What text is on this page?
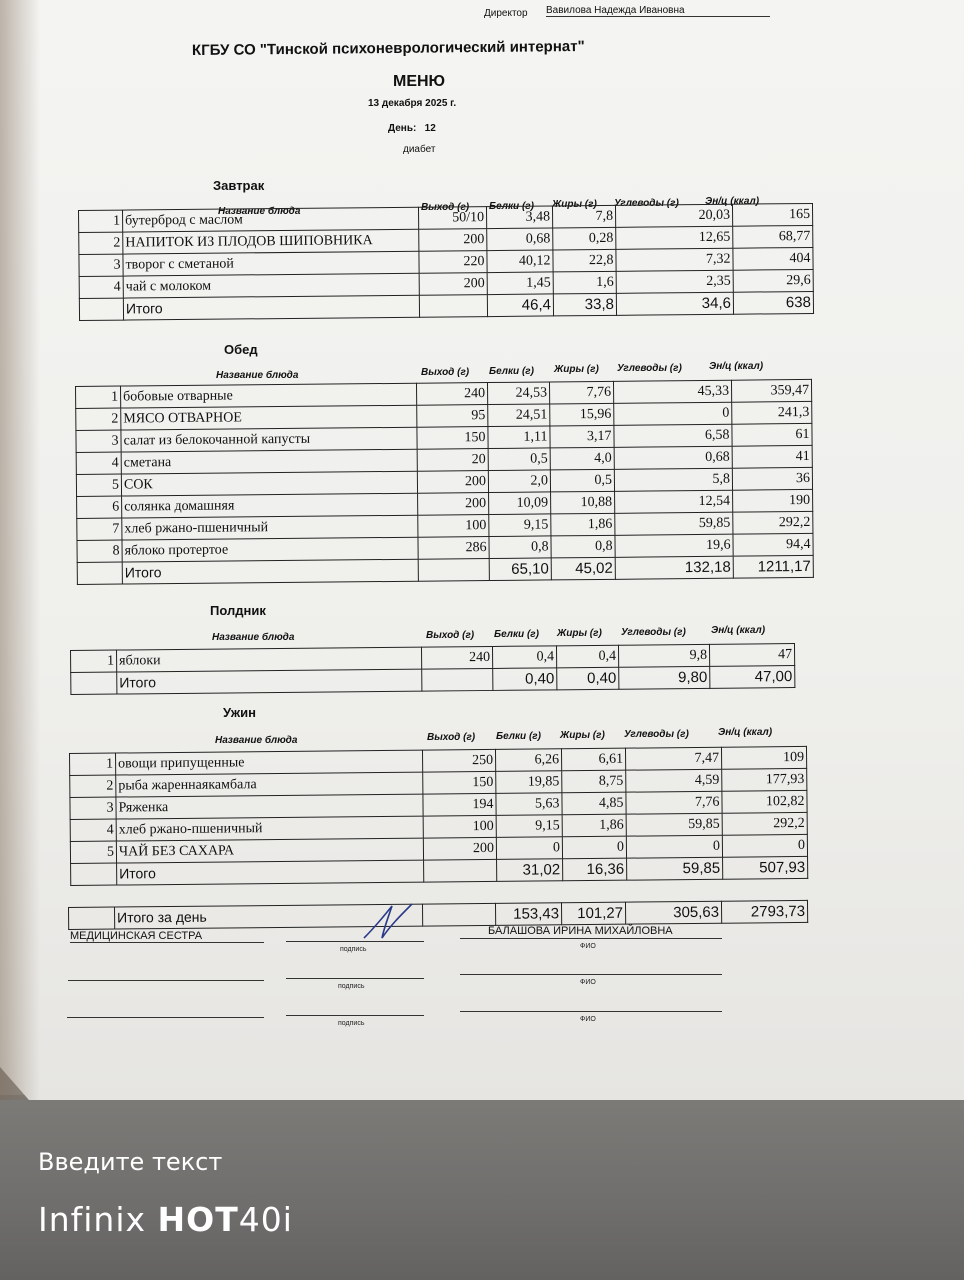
Директор Вавилова Надежда Ивановна
КГБУ СО "Тинской психоневрологический интернат"
МЕНЮ
13 декабря 2025 г.
День: 12
диабет
Завтрак
Название блюда	Выход (г) Белки (г) Жиры (г) Углеводы (г)	Эн/ц (ккал)
1	бутерброд с маслом	50/10	3,48	7,8	20,03	165
2	НАПИТОК ИЗ ПЛОДОВ ШИПОВНИКА	200	0,68	0,28	12,65	68,77
3	творог с сметаной	220	40,12	22,8	7,32	404
4	чай с молоком	200	1,45	1,6	2,35	29,6
	Итого		46,4	33,8	34,6	638
Обед
Название блюда	Выход (г) Белки (г) Жиры (г) Углеводы (г)	Эн/ц (ккал)
1	бобовые отварные	240	24,53	7,76	45,33	359,47
2	МЯСО ОТВАРНОЕ	95	24,51	15,96	0	241,3
3	салат из белокочанной капусты	150	1,11	3,17	6,58	61
4	сметана	20	0,5	4,0	0,68	41
5	СОК	200	2,0	0,5	5,8	36
6	солянка домашняя	200	10,09	10,88	12,54	190
7	хлеб ржано-пшеничный	100	9,15	1,86	59,85	292,2
8	яблоко протертое	286	0,8	0,8	19,6	94,4
	Итого		65,10	45,02	132,18	1211,17
Полдник
Название блюда	Выход (г) Белки (г) Жиры (г) Углеводы (г)	Эн/ц (ккал)
1	яблоки	240	0,4	0,4	9,8	47
	Итого		0,40	0,40	9,80	47,00
Ужин
Название блюда	Выход (г) Белки (г) Жиры (г) Углеводы (г)	Эн/ц (ккал)
1	овощи припущенные	250	6,26	6,61	7,47	109
2	рыба жареннаякамбала	150	19,85	8,75	4,59	177,93
3	Ряженка	194	5,63	4,85	7,76	102,82
4	хлеб ржано-пшеничный	100	9,15	1,86	59,85	292,2
5	ЧАЙ БЕЗ САХАРА	200	0	0	0	0
	Итого		31,02	16,36	59,85	507,93
	Итого за день		153,43	101,27	305,63	2793,73
МЕДИЦИНСКАЯ СЕСТРА	БАЛАШОВА ИРИНА МИХАЙЛОВНА
подпись	ФИО
подпись
ФИО
подпись
ФИО
Введите текст
Infinix HOT40i
